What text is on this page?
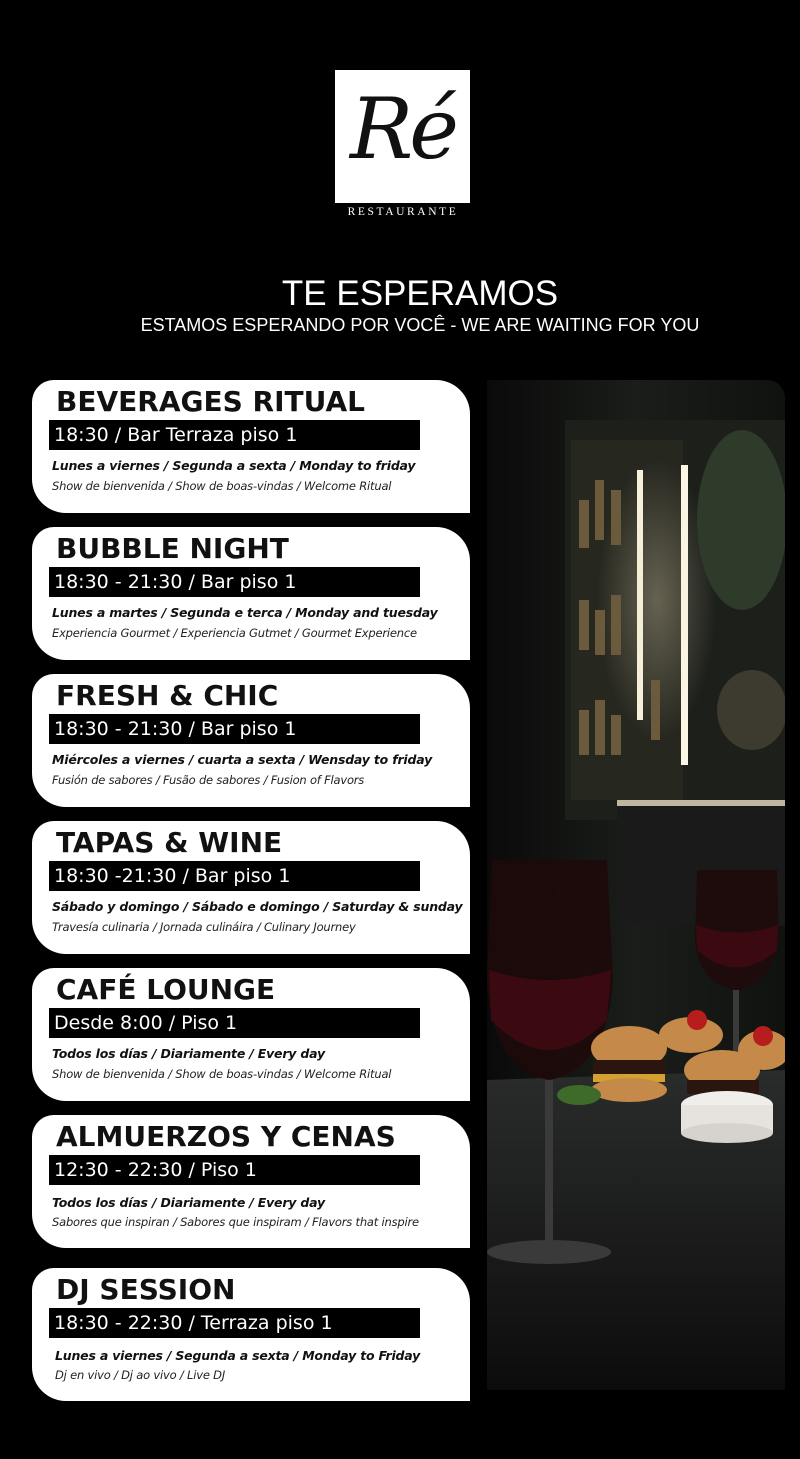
Ré
RESTAURANTE
TE ESPERAMOS
ESTAMOS ESPERANDO POR VOCÊ - WE ARE WAITING FOR YOU
BEVERAGES RITUAL
18:30 / Bar Terraza piso 1
Lunes a viernes / Segunda a sexta / Monday to friday
Show de bienvenida / Show de boas-vindas / Welcome Ritual
BUBBLE NIGHT
18:30 - 21:30 / Bar piso 1
Lunes a martes / Segunda e terca / Monday and tuesday
Experiencia Gourmet / Experiencia Gutmet / Gourmet Experience
FRESH & CHIC
18:30 - 21:30 / Bar piso 1
Miércoles a viernes / cuarta a sexta / Wensday to friday
Fusión de sabores / Fusão de sabores / Fusion of Flavors
TAPAS & WINE
18:30 -21:30 / Bar piso 1
Sábado y domingo / Sábado e domingo / Saturday & sunday
Travesía culinaria / Jornada culináira / Culinary Journey
CAFÉ LOUNGE
Desde 8:00 / Piso 1
Todos los días / Diariamente / Every day
Show de bienvenida / Show de boas-vindas / Welcome Ritual
ALMUERZOS Y CENAS
12:30 - 22:30 / Piso 1
Todos los días / Diariamente / Every day
Sabores que inspiran / Sabores que inspiram / Flavors that inspire
DJ SESSION
18:30 - 22:30 / Terraza piso 1
Lunes a viernes / Segunda a sexta / Monday to Friday
Dj en vivo / Dj ao vivo / Live DJ
